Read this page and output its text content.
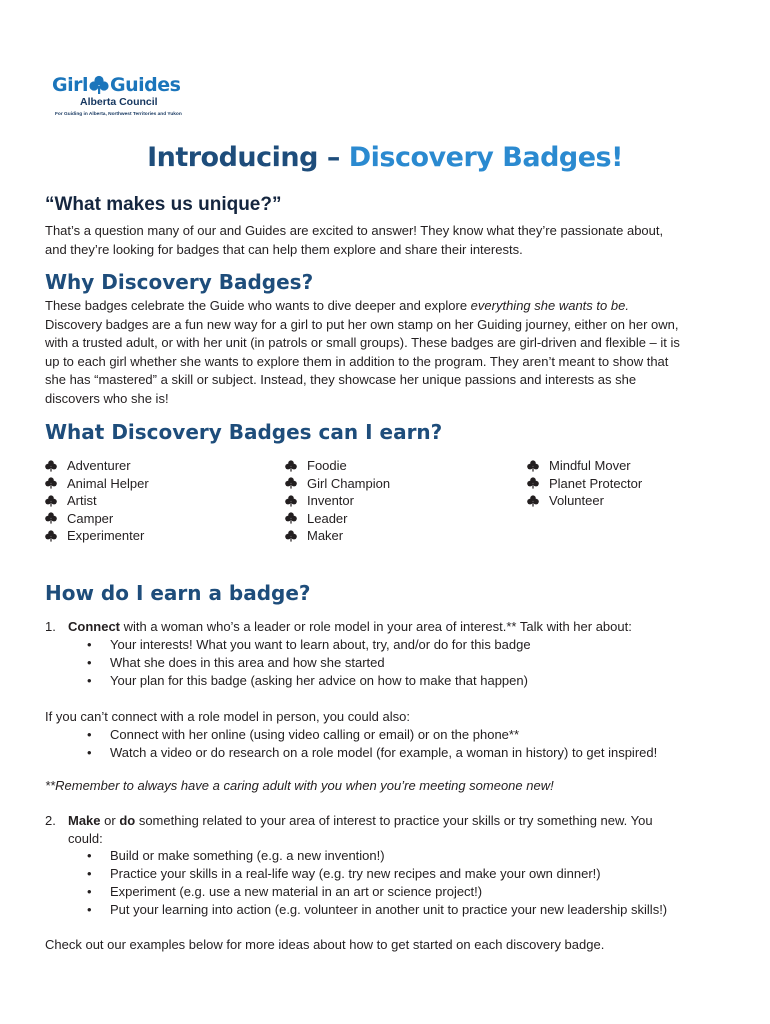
Girl Guides
Alberta Council
For Guiding in Alberta, Northwest Territories and Yukon
Introducing – Discovery Badges!
“What makes us unique?”
That’s a question many of our and Guides are excited to answer! They know what they’re passionate about,
and they’re looking for badges that can help them explore and share their interests.
Why Discovery Badges?
These badges celebrate the Guide who wants to dive deeper and explore everything she wants to be.
Discovery badges are a fun new way for a girl to put her own stamp on her Guiding journey, either on her own,
with a trusted adult, or with her unit (in patrols or small groups). These badges are girl-driven and flexible – it is
up to each girl whether she wants to explore them in addition to the program. They aren’t meant to show that
she has “mastered” a skill or subject. Instead, they showcase her unique passions and interests as she
discovers who she is!
What Discovery Badges can I earn?
Adventurer
Animal Helper
Artist
Camper
Experimenter
Foodie
Girl Champion
Inventor
Leader
Maker
Mindful Mover
Planet Protector
Volunteer
How do I earn a badge?
1. Connect with a woman who’s a leader or role model in your area of interest.** Talk with her about:
• Your interests! What you want to learn about, try, and/or do for this badge
• What she does in this area and how she started
• Your plan for this badge (asking her advice on how to make that happen)
If you can’t connect with a role model in person, you could also:
• Connect with her online (using video calling or email) or on the phone**
• Watch a video or do research on a role model (for example, a woman in history) to get inspired!
**Remember to always have a caring adult with you when you’re meeting someone new!
2. Make or do something related to your area of interest to practice your skills or try something new. You
could:
• Build or make something (e.g. a new invention!)
• Practice your skills in a real-life way (e.g. try new recipes and make your own dinner!)
• Experiment (e.g. use a new material in an art or science project!)
• Put your learning into action (e.g. volunteer in another unit to practice your new leadership skills!)
Check out our examples below for more ideas about how to get started on each discovery badge.
